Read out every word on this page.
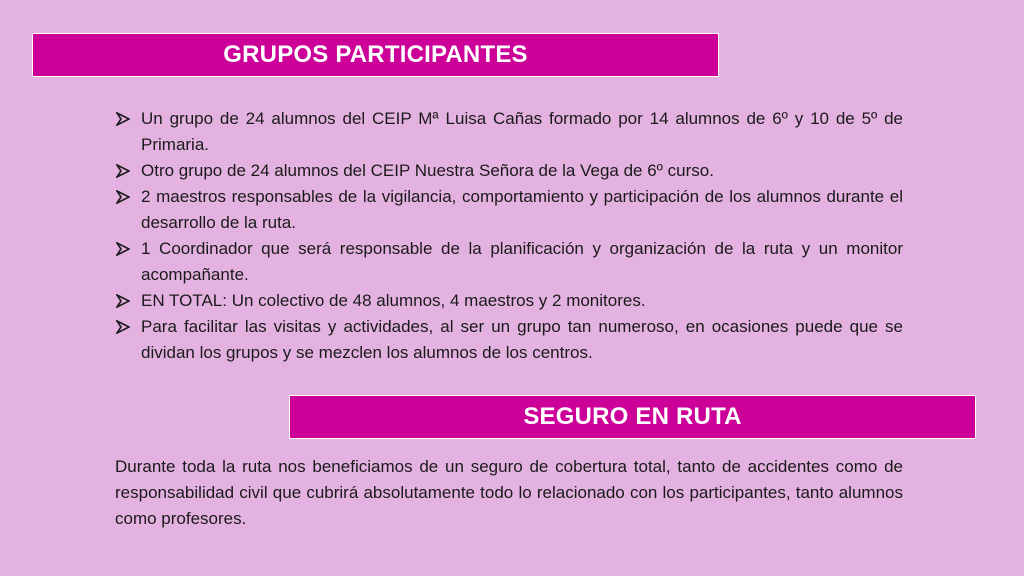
GRUPOS PARTICIPANTES
Un grupo de 24 alumnos del CEIP Mª Luisa Cañas formado por 14 alumnos de 6º y 10 de 5º de Primaria.
Otro grupo de 24 alumnos del CEIP Nuestra Señora de la Vega de 6º curso.
2 maestros responsables de la vigilancia, comportamiento y participación de los alumnos durante el desarrollo de la ruta.
1 Coordinador que será responsable de la planificación y organización de la ruta y un monitor acompañante.
EN TOTAL: Un colectivo de 48 alumnos, 4 maestros y 2 monitores.
Para facilitar las visitas y actividades, al ser un grupo tan numeroso, en ocasiones puede que se dividan los grupos y se mezclen los alumnos de los centros.
SEGURO EN RUTA

Durante toda la ruta nos beneficiamos de un seguro de cobertura total, tanto de accidentes como de responsabilidad civil que cubrirá absolutamente todo lo relacionado con los participantes, tanto alumnos como profesores.
